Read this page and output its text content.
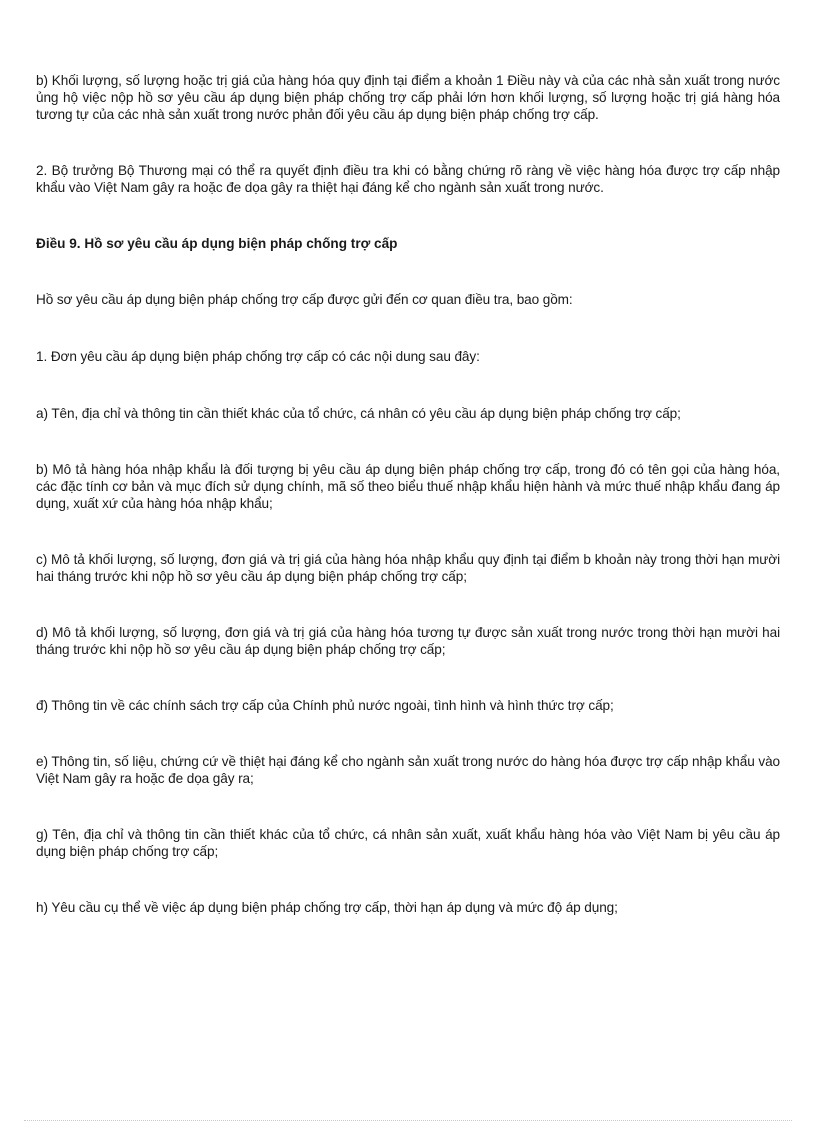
b) Khối lượng, số lượng hoặc trị giá của hàng hóa quy định tại điểm a khoản 1 Điều này và của các nhà sản xuất trong nước ủng hộ việc nộp hồ sơ yêu cầu áp dụng biện pháp chống trợ cấp phải lớn hơn khối lượng, số lượng hoặc trị giá hàng hóa tương tự của các nhà sản xuất trong nước phản đối yêu cầu áp dụng biện pháp chống trợ cấp.

2. Bộ trưởng Bộ Thương mại có thể ra quyết định điều tra khi có bằng chứng rõ ràng về việc hàng hóa được trợ cấp nhập khẩu vào Việt Nam gây ra hoặc đe dọa gây ra thiệt hại đáng kể cho ngành sản xuất trong nước.

Điều 9. Hồ sơ yêu cầu áp dụng biện pháp chống trợ cấp

Hồ sơ yêu cầu áp dụng biện pháp chống trợ cấp được gửi đến cơ quan điều tra, bao gồm:

1. Đơn yêu cầu áp dụng biện pháp chống trợ cấp có các nội dung sau đây:

a) Tên, địa chỉ và thông tin cần thiết khác của tổ chức, cá nhân có yêu cầu áp dụng biện pháp chống trợ cấp;

b) Mô tả hàng hóa nhập khẩu là đối tượng bị yêu cầu áp dụng biện pháp chống trợ cấp, trong đó có tên gọi của hàng hóa, các đặc tính cơ bản và mục đích sử dụng chính, mã số theo biểu thuế nhập khẩu hiện hành và mức thuế nhập khẩu đang áp dụng, xuất xứ của hàng hóa nhập khẩu;

c) Mô tả khối lượng, số lượng, đơn giá và trị giá của hàng hóa nhập khẩu quy định tại điểm b khoản này trong thời hạn mười hai tháng trước khi nộp hồ sơ yêu cầu áp dụng biện pháp chống trợ cấp;

d) Mô tả khối lượng, số lượng, đơn giá và trị giá của hàng hóa tương tự được sản xuất trong nước trong thời hạn mười hai tháng trước khi nộp hồ sơ yêu cầu áp dụng biện pháp chống trợ cấp;

đ) Thông tin về các chính sách trợ cấp của Chính phủ nước ngoài, tình hình và hình thức trợ cấp;

e) Thông tin, số liệu, chứng cứ về thiệt hại đáng kể cho ngành sản xuất trong nước do hàng hóa được trợ cấp nhập khẩu vào Việt Nam gây ra hoặc đe dọa gây ra;

g) Tên, địa chỉ và thông tin cần thiết khác của tổ chức, cá nhân sản xuất, xuất khẩu hàng hóa vào Việt Nam bị yêu cầu áp dụng biện pháp chống trợ cấp;

h) Yêu cầu cụ thể về việc áp dụng biện pháp chống trợ cấp, thời hạn áp dụng và mức độ áp dụng;
